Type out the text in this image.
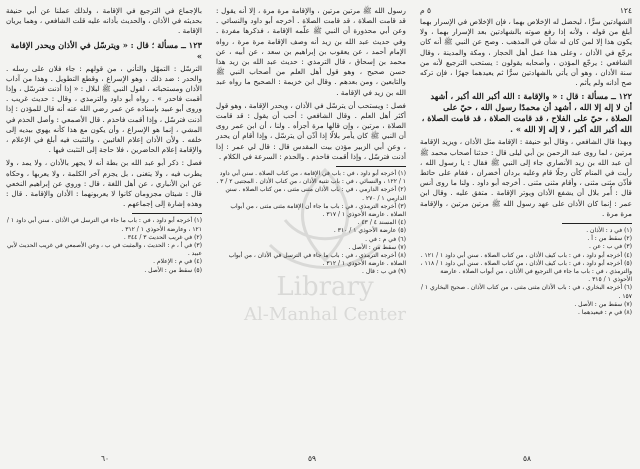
بالإجماع في الترجيع في الإقامة ، ولذلك عملنا عن أبي حنيفة بحديثه في الأذان ، والحديث بأذانه عليه قلت الشافعي ، وهما يريان الإقامة .
١٢٣ ــ مسألة ؛ قال : « ويترسّل في الأذان ويحدر الإقامة »
الترسّل : التمهّل والتأني ، من قولهم : جاء فلان على رسله . والحدر : ضد ذلك ، وهو الإسراع ، وقطع التطويل . وهذا من آداب الأذان ومستحباته ، لقول النبي ﷺ لبلال : « إذا أذنت فترسّل ، وإذا أقمت فاحدر » . رواه أبو داود والترمذي ، وقال : حديث غريب . وروى أبو عبيد بإسناده عن عمر رضي الله عنه أنه قال للمؤذن : إذا أذنت فترسّل ، وإذا أقمت فاحذم . قال الأصمعي : وأصل الحذم في المشي ، إنما هو الإسراع ، وأن يكون مع هذا كأنه يهوي بيديه إلى خلفه . ولأن الأذان إعلام الغائبين ، والتثبت فيه أبلغ في الإعلام ، والإقامة إعلام الحاضرين ، فلا حاجة إلى التثبت فيها .
فصل : ذكر أبو عبد الله بن بطة أنه لا يجهر بالأذان ، ولا يمد ، ولا يطرب فيه ، ولا يتغنى ، بل يجزم آخر الكلمة ، ولا يعربها ، وحكاه عن ابن الأنباري ، عن أهل اللغة ، قال : وروي عن إبراهيم النخعي قال : شيئان مجزومان كانوا لا يعربونهما : الأذان والإقامة . قال : وهذه إشارة إلى إجماعهم .
(١) أخرجه أبو داود ، في : باب ما جاء في الترسل في الأذان . سنن أبي داود ١ / ١٢١ ، وعارضة الأحوذي ١ / ٣١٢ .
(٢) في غريب الحديث ٣ / ٣٤٤ .
(٣) في أ ، م : الحديث ، والمثبت في ب ، وعن الأصمعي في غريب الحديث لأبي عبيد .
(٤) في م : الإعلام .
(٥) سقط من : الأصل .
٦٠
رسول الله ﷺ مرتين مرتين ، والإقامة مرة مرة ، إلا أنه يقول : قد قامت الصلاة ، قد قامت الصلاة . أخرجه أبو داود والنسائي . وعن أبي محذورة أن النبي ﷺ علّمه الإقامة ، فذكرها مفردة . وفي حديث عبد الله بن زيد أنه وصف الإقامة مرة مرة ، رواه الإمام أحمد ، عن يعقوب بن إبراهيم بن سعد ، عن أبيه ، عن محمد بن إسحاق ، قال الترمذي : حديث عبد الله بن زيد هذا حسن صحيح ، وهو قول أهل العلم من أصحاب النبي ﷺ والتابعين ، ومن بعدهم . وقال ابن خزيمة : الصحيح ما رواه عبد الله بن زيد في الإقامة .
فصل : ويستحب أن يترسّل في الأذان ، ويحدر الإقامة ، وهو قول أكثر أهل العلم . وقال الشافعي : أحب أن يقول : قد قامت الصلاة ، مرتين ، وإن قالها مرة أجزأه . ولنا ، أن ابن عمر روى أن النبي ﷺ كان يأمر بلالًا إذا أذّن أن يترسّل ، وإذا أقام أن يحدر ، وعن أبي الزبير مؤذن بيت المقدس قال : قال لي عمر : إذا أذنت فترسّل ، وإذا أقمت فاحذم . والحذم : السرعة في الكلام .
(١) أخرجه أبو داود ، في : باب في الإقامة ، من كتاب الصلاة . سنن أبي داود ١ / ١٢٢ ، والنسائي ، في : باب تثنية الأذان ، من كتاب الأذان . المجتبى ٢ / ٣ .
(٢) أخرجه الدارمي ، في : باب الأذان مثنى مثنى ، من كتاب الصلاة . سنن الدارمي ١ / ٢٧٠ .
(٣) أخرجه الترمذي ، في : باب ما جاء أن الإقامة مثنى مثنى ، من أبواب الصلاة . عارضة الأحوذي ١ / ٣١٧ .
(٤) المسند ٤ / ٤٣ .
(٥) عارضة الأحوذي ١ / ٣١٠ .
(٦) في م : في .
(٧) سقط من : الأصل .
(٨) أخرجه الترمذي ، في : باب ما جاء في الترسل في الأذان ، من أبواب الصلاة . عارضة الأحوذي ١ / ٣١٢ .
(٩) في ب : قال .
٥٩
١٢٤
٥ م
الشهادتين سرًّا ، ليحصل له الإخلاص بهما ، فإن الإخلاص في الإسرار بهما أبلغ من قوله ، ولأنه إذا رفع صوته بالشهادتين بعد الإسرار بهما ، ولا يكون هذا إلا لمن كان له شأن في المذهب . وصح عن النبي ﷺ أنه كان يرجّع في الأذان ، وعلى هذا عمل أهل الحجاز ، ومكة والمدينة ، وقال الشافعي : يرجّع المؤذن ، وأصحابه يقولون : يستحب الترجيع لأنه من سنة الأذان ، وهو أن يأتي بالشهادتين سرًّا ثم يعيدهما جهرًا ، فإن تركه صح أذانه ولم يأثم .
١٢٢ ــ مسألة : قال : « والإقامة : الله أكبر الله أكبر ، أشهد أن لا إله إلا الله ، أشهد أن محمدًا رسول الله ، حيّ على الصلاة ، حيّ على الفلاح ، قد قامت الصلاة ، قد قامت الصلاة ، الله أكبر الله أكبر ، لا إله إلا الله » .
وبهذا قال الشافعي ، وقال أبو حنيفة : الإقامة مثل الأذان ، ويزيد الإقامة مرتين ، لما روى عبد الرحمن بن أبي ليلى قال : حدثنا أصحاب محمد ﷺ أن عبد الله بن زيد الأنصاري جاء إلى النبي ﷺ فقال : يا رسول الله ، رأيت في المنام كأن رجلًا قام وعليه بردان أخضران ، فقام على حائط فأذّن مثنى مثنى ، وأقام مثنى مثنى . أخرجه أبو داود . ولنا ما روى أنس قال : أُمر بلال أن يشفع الأذان ويوتر الإقامة . متفق عليه . وقال ابن عمر : إنما كان الأذان على عهد رسول الله ﷺ مرتين مرتين ، والإقامة مرة مرة .
(١) في د : الأذان .
(٢) سقط من : أ .
(٣) في ب : عن .
(٤) أخرجه أبو داود ، في : باب كيف الأذان ، من كتاب الصلاة . سنن أبي داود ١ / ١٢١ .
(٥) أخرجه أبو داود ، في : باب كيف الأذان ، من كتاب الصلاة . سنن أبي داود ١ / ١١٨ ، والترمذي ، في : باب ما جاء في الترجيع في الأذان ، من أبواب الصلاة . عارضة الأحوذي ١ / ٣١٥ .
(٦) أخرجه البخاري ، في : باب الأذان مثنى مثنى ، من كتاب الأذان . صحيح البخاري ١ / ١٥٧ .
(٧) سقط من : الأصل .
(٨) في م : فيعيدهما .
٥٨
Library
Al-Manhal Center
